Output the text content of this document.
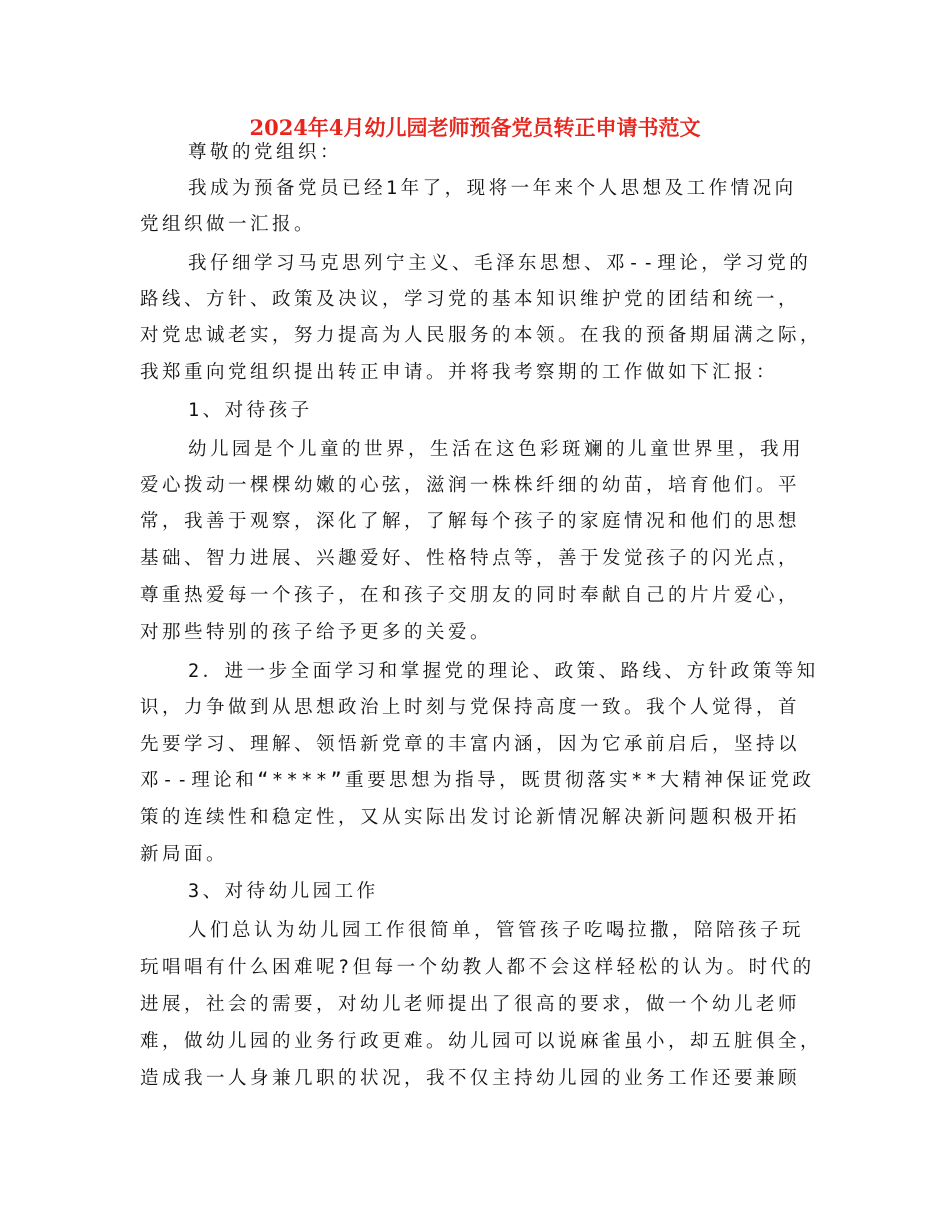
2024年4月幼儿园老师预备党员转正申请书范文
尊敬的党组织：
我成为预备党员已经1年了，现将一年来个人思想及工作情况向
党组织做一汇报。
我仔细学习马克思列宁主义、毛泽东思想、邓--理论，学习党的
路线、方针、政策及决议，学习党的基本知识维护党的团结和统一，
对党忠诚老实，努力提高为人民服务的本领。在我的预备期届满之际，
我郑重向党组织提出转正申请。并将我考察期的工作做如下汇报：
1、对待孩子
幼儿园是个儿童的世界，生活在这色彩斑斓的儿童世界里，我用
爱心拨动一棵棵幼嫩的心弦，滋润一株株纤细的幼苗，培育他们。平
常，我善于观察，深化了解，了解每个孩子的家庭情况和他们的思想
基础、智力进展、兴趣爱好、性格特点等，善于发觉孩子的闪光点，
尊重热爱每一个孩子，在和孩子交朋友的同时奉献自己的片片爱心，
对那些特别的孩子给予更多的关爱。
2．进一步全面学习和掌握党的理论、政策、路线、方针政策等知
识，力争做到从思想政治上时刻与党保持高度一致。我个人觉得，首
先要学习、理解、领悟新党章的丰富内涵，因为它承前启后，坚持以
邓--理论和“****”重要思想为指导，既贯彻落实**大精神保证党政
策的连续性和稳定性，又从实际出发讨论新情况解决新问题积极开拓
新局面。
3、对待幼儿园工作
人们总认为幼儿园工作很简单，管管孩子吃喝拉撒，陪陪孩子玩
玩唱唱有什么困难呢?但每一个幼教人都不会这样轻松的认为。时代的
进展，社会的需要，对幼儿老师提出了很高的要求，做一个幼儿老师
难，做幼儿园的业务行政更难。幼儿园可以说麻雀虽小，却五脏俱全，
造成我一人身兼几职的状况，我不仅主持幼儿园的业务工作还要兼顾
